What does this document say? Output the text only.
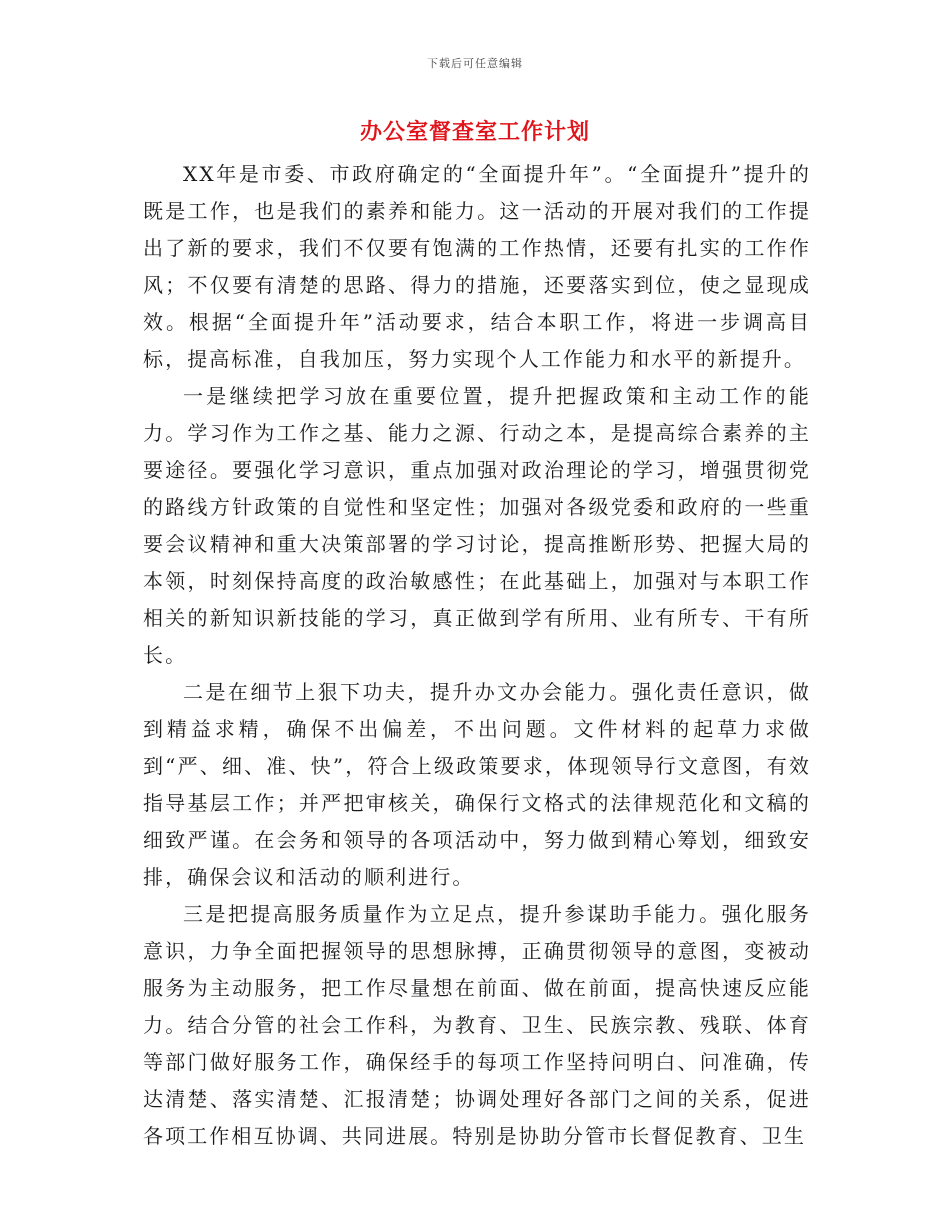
下载后可任意编辑
办公室督查室工作计划

XX年是市委、市政府确定的“全面提升年”。“全面提升”提升的既是工作，也是我们的素养和能力。这一活动的开展对我们的工作提出了新的要求，我们不仅要有饱满的工作热情，还要有扎实的工作作风；不仅要有清楚的思路、得力的措施，还要落实到位，使之显现成效。根据“全面提升年”活动要求，结合本职工作，将进一步调高目标，提高标准，自我加压，努力实现个人工作能力和水平的新提升。

一是继续把学习放在重要位置，提升把握政策和主动工作的能力。学习作为工作之基、能力之源、行动之本，是提高综合素养的主要途径。要强化学习意识，重点加强对政治理论的学习，增强贯彻党的路线方针政策的自觉性和坚定性；加强对各级党委和政府的一些重要会议精神和重大决策部署的学习讨论，提高推断形势、把握大局的本领，时刻保持高度的政治敏感性；在此基础上，加强对与本职工作相关的新知识新技能的学习，真正做到学有所用、业有所专、干有所长。

二是在细节上狠下功夫，提升办文办会能力。强化责任意识，做到精益求精，确保不出偏差，不出问题。文件材料的起草力求做到“严、细、准、快”，符合上级政策要求，体现领导行文意图，有效指导基层工作；并严把审核关，确保行文格式的法律规范化和文稿的细致严谨。在会务和领导的各项活动中，努力做到精心筹划，细致安排，确保会议和活动的顺利进行。

三是把提高服务质量作为立足点，提升参谋助手能力。强化服务意识，力争全面把握领导的思想脉搏，正确贯彻领导的意图，变被动服务为主动服务，把工作尽量想在前面、做在前面，提高快速反应能力。结合分管的社会工作科，为教育、卫生、民族宗教、残联、体育等部门做好服务工作，确保经手的每项工作坚持问明白、问准确，传达清楚、落实清楚、汇报清楚；协调处理好各部门之间的关系，促进各项工作相互协调、共同进展。特别是协助分管市长督促教育、卫生
